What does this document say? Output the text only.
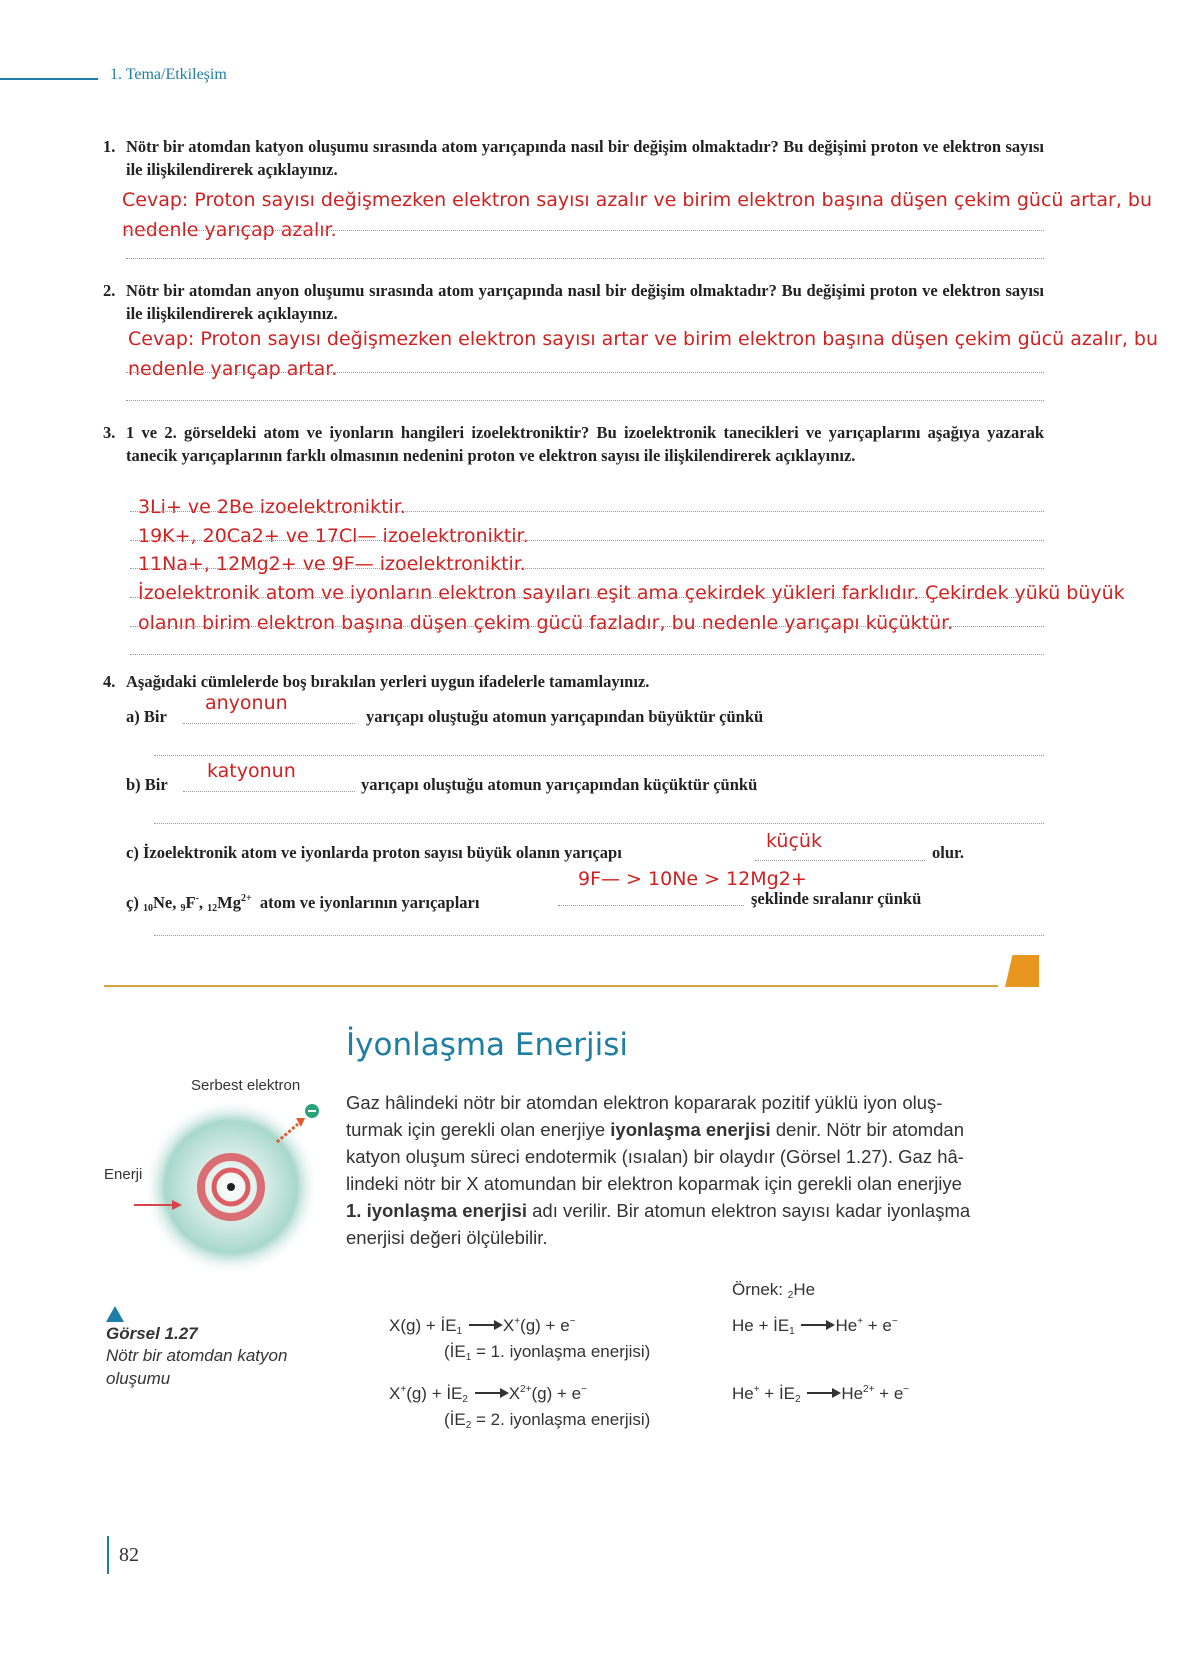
1. Tema/Etkileşim
1. Nötr bir atomdan katyon oluşumu sırasında atom yarıçapında nasıl bir değişim olmaktadır? Bu değişimi proton ve elektron sayısı ile ilişkilendirerek açıklayınız.
Cevap: Proton sayısı değişmezken elektron sayısı azalır ve birim elektron başına düşen çekim gücü artar, bu nedenle yarıçap azalır.
2. Nötr bir atomdan anyon oluşumu sırasında atom yarıçapında nasıl bir değişim olmaktadır? Bu değişimi proton ve elektron sayısı ile ilişkilendirerek açıklayınız.
Cevap: Proton sayısı değişmezken elektron sayısı artar ve birim elektron başına düşen çekim gücü azalır, bu nedenle yarıçap artar.
3. 1 ve 2. görseldeki atom ve iyonların hangileri izoelektroniktir? Bu izoelektronik tanecikleri ve yarıçaplarını aşağıya yazarak tanecik yarıçaplarının farklı olmasının nedenini proton ve elektron sayısı ile ilişkilendirerek açıklayınız.
3Li+ ve 2Be izoelektroniktir.
19K+, 20Ca2+ ve 17Cl— izoelektroniktir.
11Na+, 12Mg2+ ve 9F— izoelektroniktir.
İzoelektronik atom ve iyonların elektron sayıları eşit ama çekirdek yükleri farklıdır. Çekirdek yükü büyük olanın birim elektron başına düşen çekim gücü fazladır, bu nedenle yarıçapı küçüktür.
4. Aşağıdaki cümlelerde boş bırakılan yerleri uygun ifadelerle tamamlayınız.
anyonun
a) Bir	yarıçapı oluştuğu atomun yarıçapından büyüktür çünkü
katyonun
b) Bir	yarıçapı oluştuğu atomun yarıçapından küçüktür çünkü
küçük
c) İzoelektronik atom ve iyonlarda proton sayısı büyük olanın yarıçapı	olur.
9F— > 10Ne > 12Mg2+
ç) $_{10}$Ne, $_9$F-, $_{12}Mg^{2+}$ atom ve iyonlarının yarıçapları	şeklinde sıralanır çünkü
İyonlaşma Enerjisi
Gaz hâlindeki nötr bir atomdan elektron kopararak pozitif yüklü iyon oluş-
turmak için gerekli olan enerjiye iyonlaşma enerjisi denir. Nötr bir atomdan
katyon oluşum süreci endotermik (ısıalan) bir olaydır (Görsel 1.27). Gaz hâ-
lindeki nötr bir X atomundan bir elektron koparmak için gerekli olan enerjiye
1. iyonlaşma enerjisi adı verilir. Bir atomun elektron sayısı kadar iyonlaşma
enerjisi değeri ölçülebilir.
Serbest elektron
Enerji
Görsel 1.27
Nötr bir atomdan katyon
oluşumu
$X(g) + İE_1 \to X^+(g) + e^-$
($İE_1 = 1$. iyonlaşma enerjisi)
$X^+(g) + İE_2 \to X^{2+}(g) + e^-$
($İE_2 = 2$. iyonlaşma enerjisi)
Örnek: $_2$He
$He + İE_1 \to He^+ + e^-$
$He^+ + İE_2 \to He^{2+} + e^-$
82
